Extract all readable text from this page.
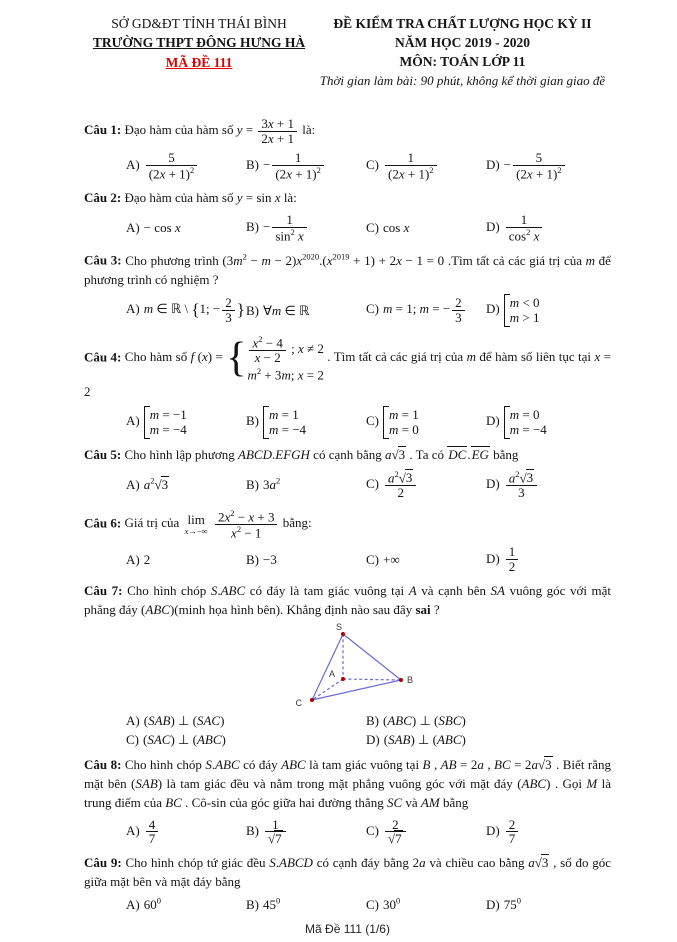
SỞ GD&ĐT TỈNH THÁI BÌNH

TRƯỜNG THPT ĐÔNG HƯNG HÀ

MÃ ĐỀ 111

ĐỀ KIỂM TRA CHẤT LƯỢNG HỌC KỲ II

NĂM HỌC 2019 - 2020

MÔN: TOÁN LỚP 11

Thời gian làm bài: 90 phút, không kể thời gian giao đề

Câu 1: Đạo hàm của hàm số $y = \frac{3x + 1}{2x + 1}$ là:

$A) \frac{5}{(2x + 1)^2}$	$B) - \frac{1}{(2x + 1)^2}$	$C) \frac{1}{(2x + 1)^2}$	$D) - \frac{5}{(2x + 1)^2}$

Câu 2: Đạo hàm của hàm số y = sin x là:

A) − cos x	$B) - \frac{1}{\sin^2 x}$	C) cos x	$D) \frac{1}{\cos^2 x}$

Câu 3: Cho phương trình $(3m^2 - m - 2)x^{2020}.(x^{2019} + 1) + 2x - 1 = 0$ .Tìm tất cả các giá trị của m để phương trình có nghiệm ?

A) m ∈ ℝ \ {1; − $\frac{2}{3}$ } B) ∀m ∈ ℝ	C) m = 1; m = − $\frac{2}{3} D$) m < 0
m > 1

Câu 4: Cho hàm số f (x) = { $\frac{x^2 - 4}{x - 2}$ ; x ≠ 2
$m^2 + 3m$; x = 2
. Tìm tất cả các giá trị của m để hàm số liên tục tại x = 2

A) m = −1
m = −4
B) m = 1
m = −4
C) m = 1
m = 0
D) m = 0
m = −4

Câu 5: Cho hình lập phương ABCD.EFGH có cạnh bằng a√3 . Ta có DC.EG bằng

A) $a^2√3$	B) $3a^2$	$C) \frac{a^2√3}{2}$	$D) \frac{a^2√3}{3}$

Câu 6: Giá trị của lim
x→−∞
$\frac{2x^2 - x + 3}{x^2 - 1}$ bằng:

A) 2	B) −3	C) +∞	$D) \frac{1}{2}$

Câu 7: Cho hình chóp S.ABC có đáy là tam giác vuông tại A và cạnh bên SA vuông góc với mặt phẳng đáy (ABC)(minh họa hình bên). Khẳng định nào sau đây sai ?

S
A
B
C
A) (SAB) ⊥ (SAC)	B) (ABC) ⊥ (SBC)
C) (SAC) ⊥ (ABC)	D) (SAB) ⊥ (ABC)

Câu 8: Cho hình chóp S.ABC có đáy ABC là tam giác vuông tại B , AB = 2a , BC = 2a√3 . Biết rằng mặt bên (SAB) là tam giác đều và nằm trong mặt phẳng vuông góc với mặt đáy (ABC) . Gọi M là trung điểm của BC . Cô-sin của góc giữa hai đường thẳng SC và AM bằng

$A) \frac{4}{7}$	$B) \frac{1}{√7}$	$C) \frac{2}{√7}$	$D) \frac{2}{7}$

Câu 9: Cho hình chóp tứ giác đều S.ABCD có cạnh đáy bằng 2a và chiều cao bằng a√3 , số đo góc giữa mặt bên và mặt đáy bằng

A) $60^0$	B) $45^0$	C) $30^0$	D) $75^0$
Mã Đề 111 (1/6)
